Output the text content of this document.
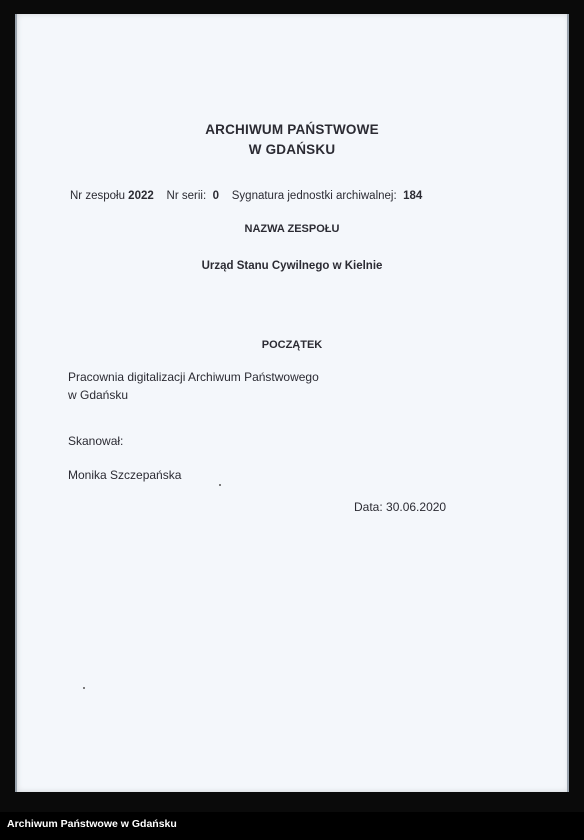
ARCHIWUM PAŃSTWOWE
W GDAŃSKU
Nr zespołu 2022 Nr serii: 0 Sygnatura jednostki archiwalnej: 184
NAZWA ZESPOŁU
Urząd Stanu Cywilnego w Kielnie
POCZĄTEK
Pracownia digitalizacji Archiwum Państwowego
w Gdańsku
Skanował:
Monika Szczepańska
Data: 30.06.2020
Archiwum Państwowe w Gdańsku
